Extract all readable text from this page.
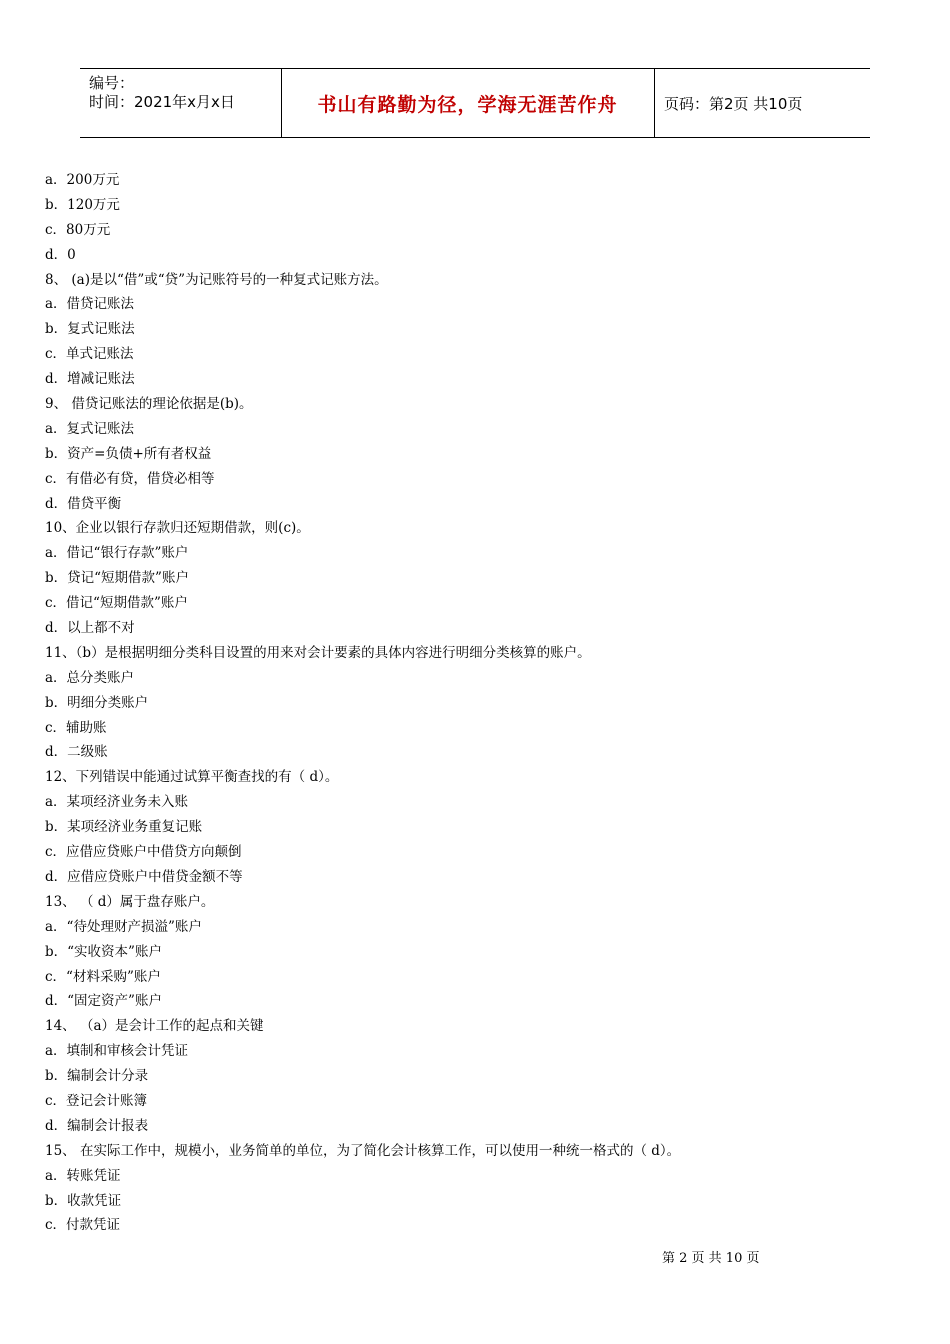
编号：
时间：2021年x月x日	书山有路勤为径，学海无涯苦作舟	页码：第2页 共10页
a．200万元
b．120万元
c．80万元
d．0
8、 (a)是以“借”或“贷”为记账符号的一种复式记账方法。
a．借贷记账法
b．复式记账法
c．单式记账法
d．增减记账法
9、 借贷记账法的理论依据是(b)。
a．复式记账法
b．资产=负债+所有者权益
c．有借必有贷，借贷必相等
d．借贷平衡
10、企业以银行存款归还短期借款，则(c)。
a．借记“银行存款”账户
b．贷记“短期借款”账户
c．借记“短期借款”账户
d．以上都不对
11、（b）是根据明细分类科目设置的用来对会计要素的具体内容进行明细分类核算的账户。
a．总分类账户
b．明细分类账户
c．辅助账
d．二级账
12、下列错误中能通过试算平衡查找的有（ d）。
a．某项经济业务未入账
b．某项经济业务重复记账
c．应借应贷账户中借贷方向颠倒
d．应借应贷账户中借贷金额不等
13、 （ d）属于盘存账户。
a．“待处理财产损溢”账户
b．“实收资本”账户
c．“材料采购”账户
d．“固定资产”账户
14、 （a）是会计工作的起点和关键
a．填制和审核会计凭证
b．编制会计分录
c．登记会计账簿
d．编制会计报表
15、 在实际工作中，规模小，业务简单的单位，为了简化会计核算工作，可以使用一种统一格式的（ d）。
a．转账凭证
b．收款凭证
c．付款凭证
第 2 页 共 10 页
